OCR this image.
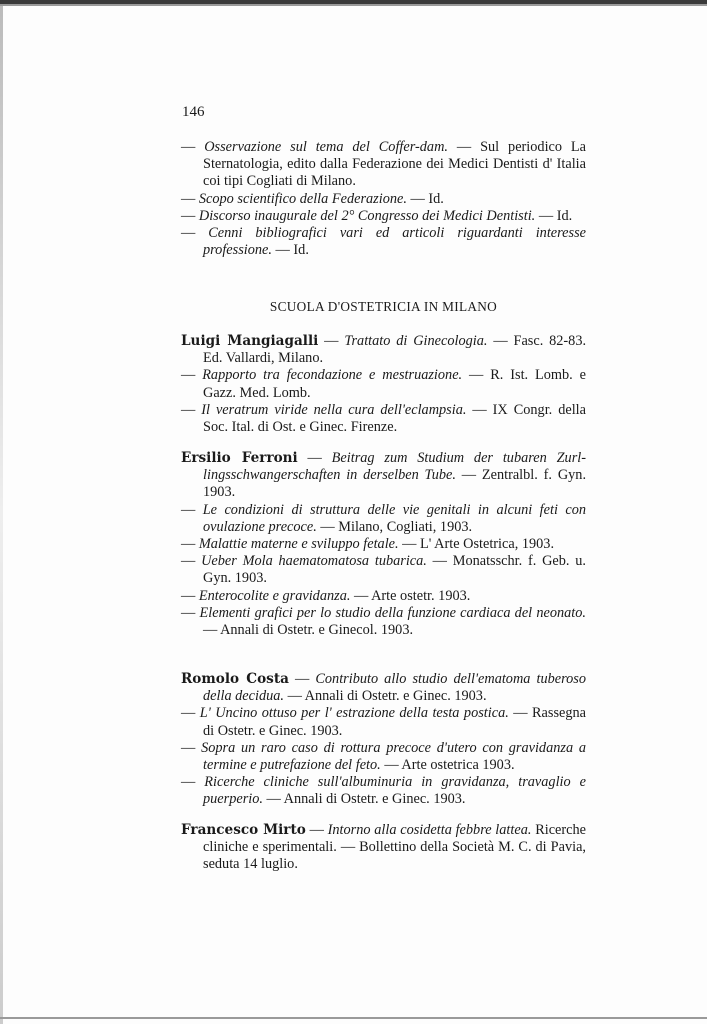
146

— Osservazione sul tema del Coffer-dam. — Sul periodico La Sternatologia, edito dalla Federazione dei Medici Dentisti d' Italia coi tipi Cogliati di Milano.

— Scopo scientifico della Federazione. — Id.

— Discorso inaugurale del 2° Congresso dei Medici Dentisti. — Id.

— Cenni bibliografici vari ed articoli riguardanti interesse professione. — Id.

SCUOLA D'OSTETRICIA IN MILANO

Luigi Mangiagalli — Trattato di Ginecologia. — Fasc. 82-83. Ed. Vallardi, Milano.

— Rapporto tra fecondazione e mestruazione. — R. Ist. Lomb. e Gazz. Med. Lomb.

— Il veratrum viride nella cura dell'eclampsia. — IX Congr. della Soc. Ital. di Ost. e Ginec. Firenze.

Ersilio Ferroni — Beitrag zum Studium der tubaren Zurllingsschwangerschaften in derselben Tube. — Zentralbl. f. Gyn. 1903.

— Le condizioni di struttura delle vie genitali in alcuni feti con ovulazione precoce. — Milano, Cogliati, 1903.

— Malattie materne e sviluppo fetale. — L' Arte Ostetrica, 1903.

— Ueber Mola haematomatosa tubarica. — Monatsschr. f. Geb. u. Gyn. 1903.

— Enterocolite e gravidanza. — Arte ostetr. 1903.

— Elementi grafici per lo studio della funzione cardiaca del neonato. — Annali di Ostetr. e Ginecol. 1903.

Romolo Costa — Contributo allo studio dell'ematoma tuberoso della decidua. — Annali di Ostetr. e Ginec. 1903.

— L' Uncino ottuso per l' estrazione della testa postica. — Rassegna di Ostetr. e Ginec. 1903.

— Sopra un raro caso di rottura precoce d'utero con gravidanza a termine e putrefazione del feto. — Arte ostetrica 1903.

— Ricerche cliniche sull'albuminuria in gravidanza, travaglio e puerperio. — Annali di Ostetr. e Ginec. 1903.

Francesco Mirto — Intorno alla cosidetta febbre lattea. Ricerche cliniche e sperimentali. — Bollettino della Società M. C. di Pavia, seduta 14 luglio.
